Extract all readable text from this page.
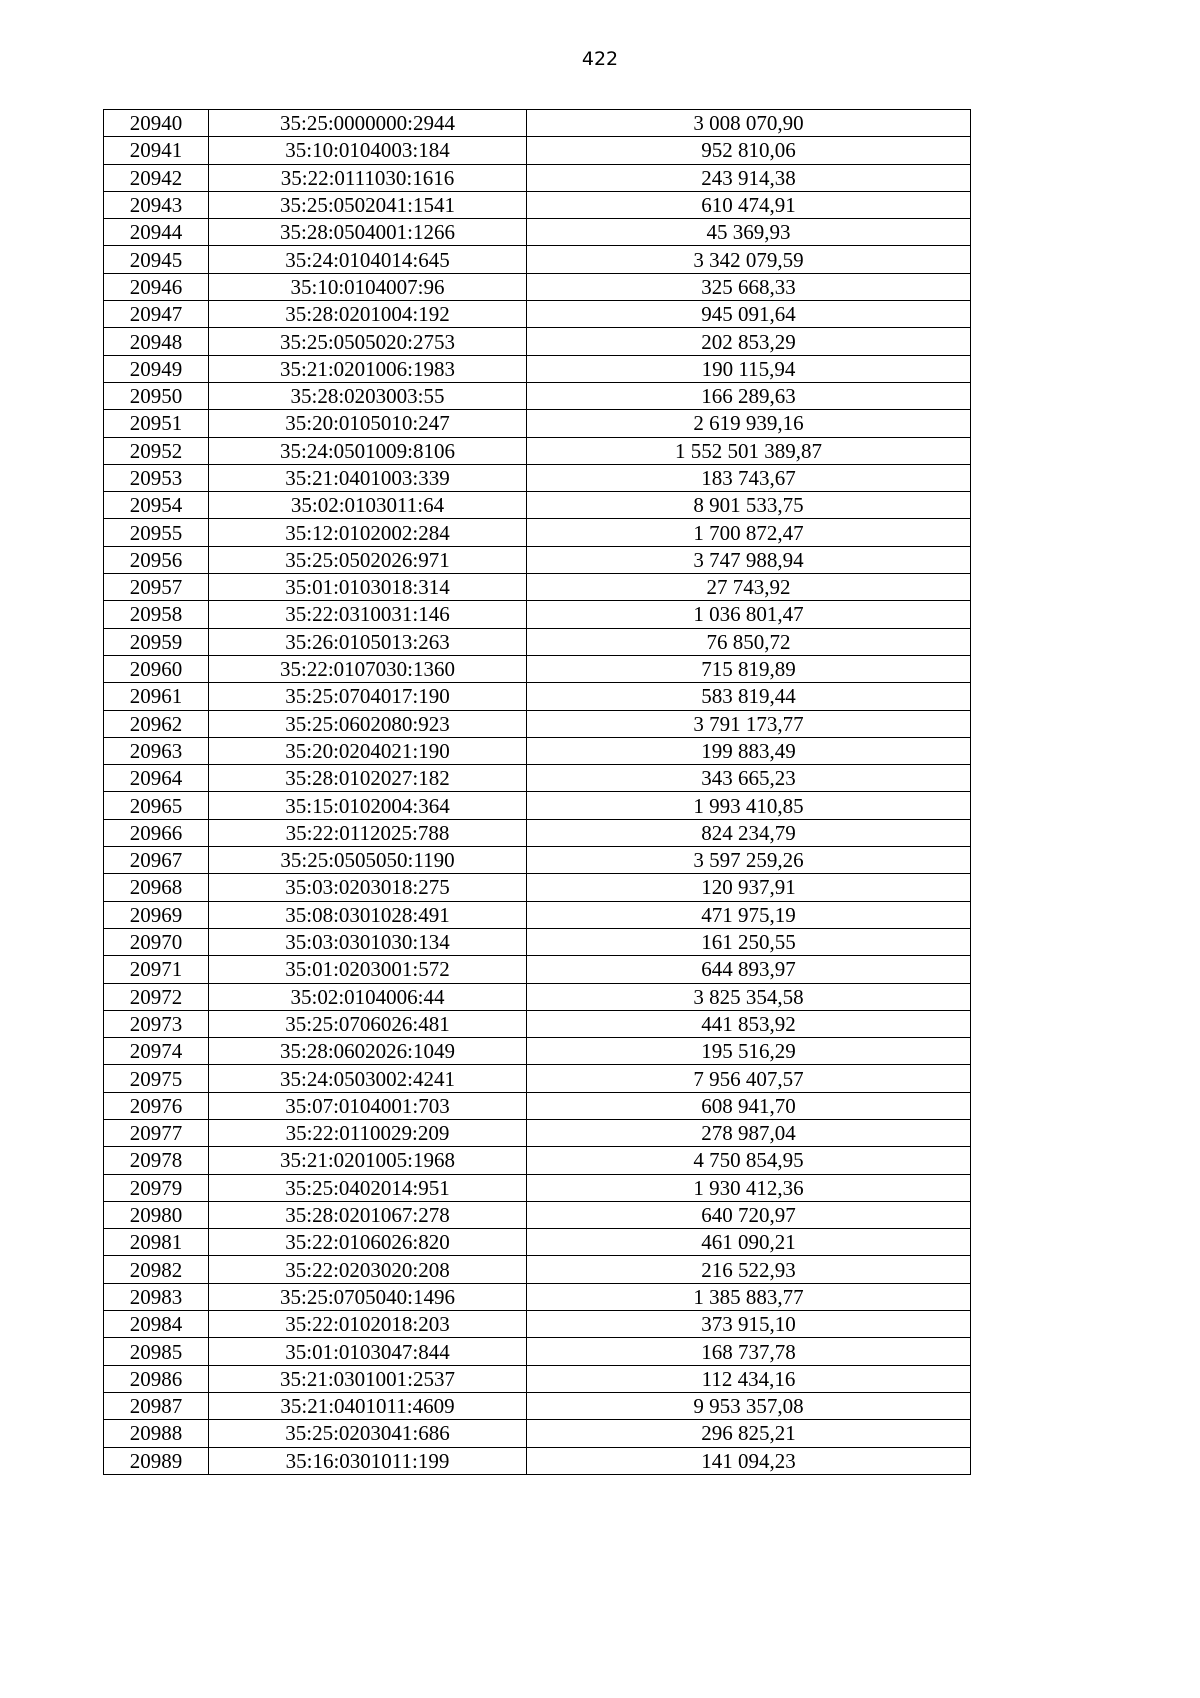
422
20940	35:25:0000000:2944	3 008 070,90
20941	35:10:0104003:184	952 810,06
20942	35:22:0111030:1616	243 914,38
20943	35:25:0502041:1541	610 474,91
20944	35:28:0504001:1266	45 369,93
20945	35:24:0104014:645	3 342 079,59
20946	35:10:0104007:96	325 668,33
20947	35:28:0201004:192	945 091,64
20948	35:25:0505020:2753	202 853,29
20949	35:21:0201006:1983	190 115,94
20950	35:28:0203003:55	166 289,63
20951	35:20:0105010:247	2 619 939,16
20952	35:24:0501009:8106	1 552 501 389,87
20953	35:21:0401003:339	183 743,67
20954	35:02:0103011:64	8 901 533,75
20955	35:12:0102002:284	1 700 872,47
20956	35:25:0502026:971	3 747 988,94
20957	35:01:0103018:314	27 743,92
20958	35:22:0310031:146	1 036 801,47
20959	35:26:0105013:263	76 850,72
20960	35:22:0107030:1360	715 819,89
20961	35:25:0704017:190	583 819,44
20962	35:25:0602080:923	3 791 173,77
20963	35:20:0204021:190	199 883,49
20964	35:28:0102027:182	343 665,23
20965	35:15:0102004:364	1 993 410,85
20966	35:22:0112025:788	824 234,79
20967	35:25:0505050:1190	3 597 259,26
20968	35:03:0203018:275	120 937,91
20969	35:08:0301028:491	471 975,19
20970	35:03:0301030:134	161 250,55
20971	35:01:0203001:572	644 893,97
20972	35:02:0104006:44	3 825 354,58
20973	35:25:0706026:481	441 853,92
20974	35:28:0602026:1049	195 516,29
20975	35:24:0503002:4241	7 956 407,57
20976	35:07:0104001:703	608 941,70
20977	35:22:0110029:209	278 987,04
20978	35:21:0201005:1968	4 750 854,95
20979	35:25:0402014:951	1 930 412,36
20980	35:28:0201067:278	640 720,97
20981	35:22:0106026:820	461 090,21
20982	35:22:0203020:208	216 522,93
20983	35:25:0705040:1496	1 385 883,77
20984	35:22:0102018:203	373 915,10
20985	35:01:0103047:844	168 737,78
20986	35:21:0301001:2537	112 434,16
20987	35:21:0401011:4609	9 953 357,08
20988	35:25:0203041:686	296 825,21
20989	35:16:0301011:199	141 094,23
